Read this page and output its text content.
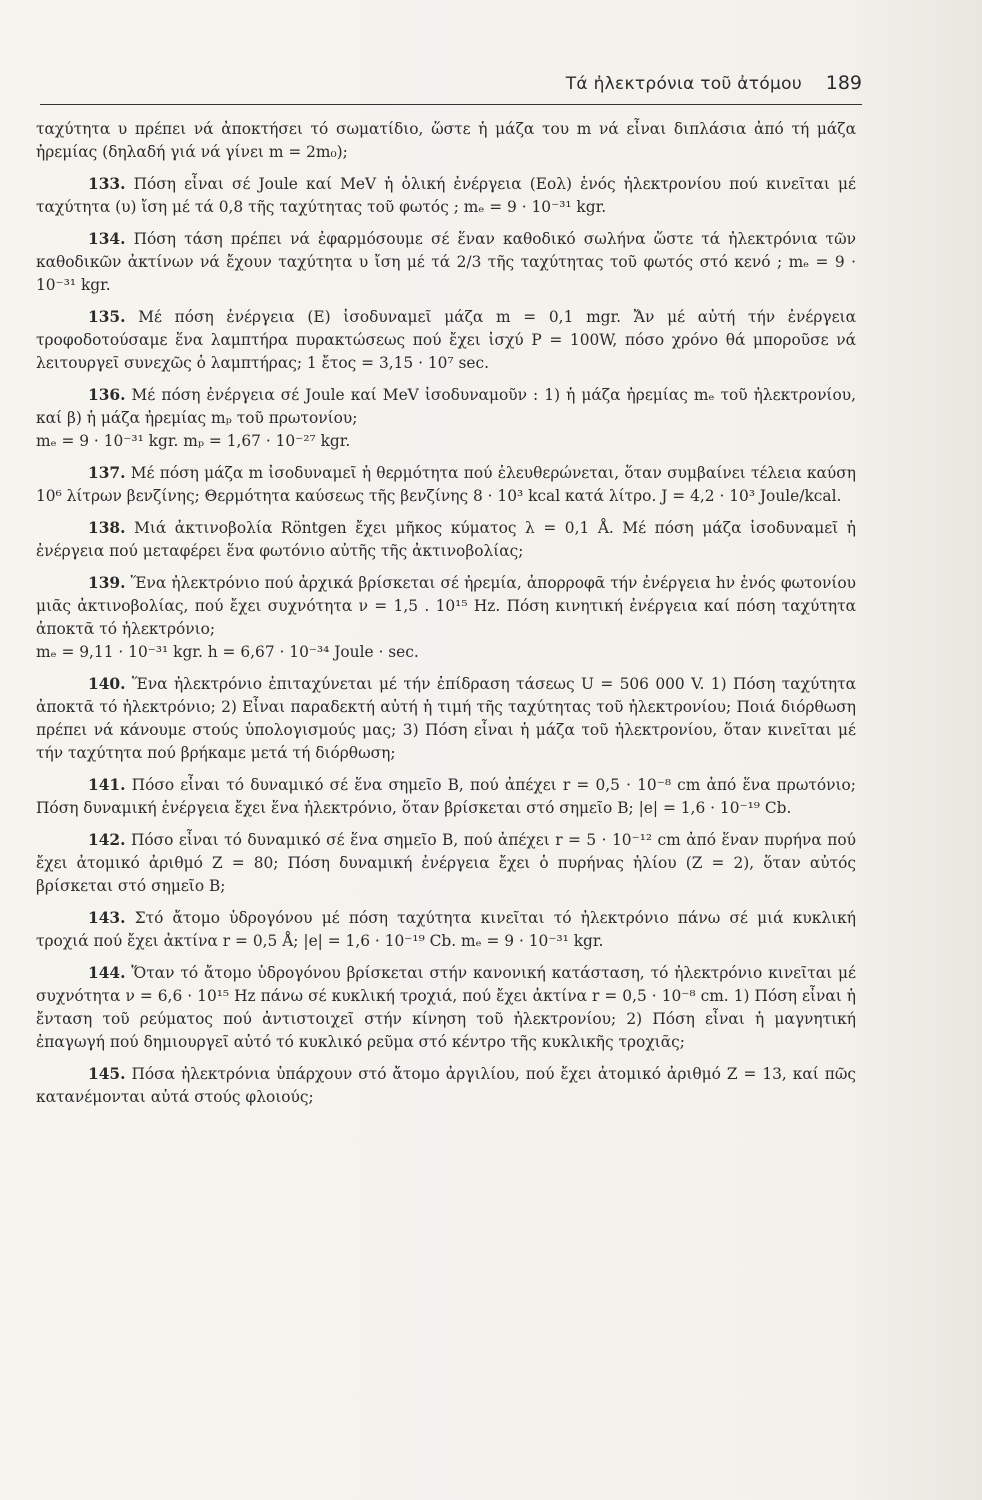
Τά ἠλεκτρόνια τοῦ ἀτόμου 189

ταχύτητα υ πρέπει νά ἀποκτήσει τό σωματίδιο, ὥστε ἡ μάζα του m νά εἶναι διπλάσια ἀπό τή μάζα ἠρεμίας (δηλαδή γιά νά γίνει m = 2m₀);

133. Πόση εἶναι σέ Joule καί MeV ἡ ὁλική ἐνέργεια (Eολ) ἑνός ἠλεκτρονίου πού κινεῖται μέ ταχύτητα (υ) ἴση μέ τά 0,8 τῆς ταχύτητας τοῦ φωτός ; mₑ = 9 · 10⁻³¹ kgr.

134. Πόση τάση πρέπει νά ἐφαρμόσουμε σέ ἕναν καθοδικό σωλήνα ὥστε τά ἠλεκτρόνια τῶν καθοδικῶν ἀκτίνων νά ἔχουν ταχύτητα υ ἴση μέ τά 2/3 τῆς ταχύτητας τοῦ φωτός στό κενό ; mₑ = 9 · 10⁻³¹ kgr.

135. Μέ πόση ἐνέργεια (E) ἰσοδυναμεῖ μάζα m = 0,1 mgr. Ἄν μέ αὐτή τήν ἐνέργεια τροφοδοτούσαμε ἕνα λαμπτήρα πυρακτώσεως πού ἔχει ἰσχύ P = 100W, πόσο χρόνο θά μποροῦσε νά λειτουργεῖ συνεχῶς ὁ λαμπτήρας; 1 ἔτος = 3,15 · 10⁷ sec.

136. Μέ πόση ἐνέργεια σέ Joule καί MeV ἰσοδυναμοῦν : 1) ἡ μάζα ἠρεμίας mₑ τοῦ ἠλεκτρονίου, καί β) ἡ μάζα ἠρεμίας mₚ τοῦ πρωτονίου;

mₑ = 9 · 10⁻³¹ kgr. mₚ = 1,67 · 10⁻²⁷ kgr.

137. Μέ πόση μάζα m ἰσοδυναμεῖ ἡ θερμότητα πού ἐλευθερώνεται, ὅταν συμβαίνει τέλεια καύση 10⁶ λίτρων βενζίνης; Θερμότητα καύσεως τῆς βενζίνης 8 · 10³ kcal κατά λίτρο. J = 4,2 · 10³ Joule/kcal.

138. Μιά ἀκτινοβολία Röntgen ἔχει μῆκος κύματος λ = 0,1 Å. Μέ πόση μάζα ἰσοδυναμεῖ ἡ ἐνέργεια πού μεταφέρει ἕνα φωτόνιο αὐτῆς τῆς ἀκτινοβολίας;

139. Ἕνα ἠλεκτρόνιο πού ἀρχικά βρίσκεται σέ ἠρεμία, ἀπορροφᾶ τήν ἐνέργεια hν ἑνός φωτονίου μιᾶς ἀκτινοβολίας, πού ἔχει συχνότητα ν = 1,5 . 10¹⁵ Hz. Πόση κινητική ἐνέργεια καί πόση ταχύτητα ἀποκτᾶ τό ἠλεκτρόνιο;

mₑ = 9,11 · 10⁻³¹ kgr. h = 6,67 · 10⁻³⁴ Joule · sec.

140. Ἕνα ἠλεκτρόνιο ἐπιταχύνεται μέ τήν ἐπίδραση τάσεως U = 506 000 V. 1) Πόση ταχύτητα ἀποκτᾶ τό ἠλεκτρόνιο; 2) Εἶναι παραδεκτή αὐτή ἡ τιμή τῆς ταχύτητας τοῦ ἠλεκτρονίου; Ποιά διόρθωση πρέπει νά κάνουμε στούς ὑπολογισμούς μας; 3) Πόση εἶναι ἡ μάζα τοῦ ἠλεκτρονίου, ὅταν κινεῖται μέ τήν ταχύτητα πού βρήκαμε μετά τή διόρθωση;

141. Πόσο εἶναι τό δυναμικό σέ ἕνα σημεῖο B, πού ἀπέχει r = 0,5 · 10⁻⁸ cm ἀπό ἕνα πρωτόνιο; Πόση δυναμική ἐνέργεια ἔχει ἕνα ἠλεκτρόνιο, ὅταν βρίσκεται στό σημεῖο B; |e| = 1,6 · 10⁻¹⁹ Cb.

142. Πόσο εἶναι τό δυναμικό σέ ἕνα σημεῖο B, πού ἀπέχει r = 5 · 10⁻¹² cm ἀπό ἕναν πυρήνα πού ἔχει ἀτομικό ἀριθμό Z = 80; Πόση δυναμική ἐνέργεια ἔχει ὁ πυρήνας ἡλίου (Z = 2), ὅταν αὐτός βρίσκεται στό σημεῖο B;

143. Στό ἄτομο ὑδρογόνου μέ πόση ταχύτητα κινεῖται τό ἠλεκτρόνιο πάνω σέ μιά κυκλική τροχιά πού ἔχει ἀκτίνα r = 0,5 Å; |e| = 1,6 · 10⁻¹⁹ Cb. mₑ = 9 · 10⁻³¹ kgr.

144. Ὅταν τό ἄτομο ὑδρογόνου βρίσκεται στήν κανονική κατάσταση, τό ἠλεκτρόνιο κινεῖται μέ συχνότητα ν = 6,6 · 10¹⁵ Hz πάνω σέ κυκλική τροχιά, πού ἔχει ἀκτίνα r = 0,5 · 10⁻⁸ cm. 1) Πόση εἶναι ἡ ἔνταση τοῦ ρεύματος πού ἀντιστοιχεῖ στήν κίνηση τοῦ ἠλεκτρονίου; 2) Πόση εἶναι ἡ μαγνητική ἐπαγωγή πού δημιουργεῖ αὐτό τό κυκλικό ρεῦμα στό κέντρο τῆς κυκλικῆς τροχιᾶς;

145. Πόσα ἠλεκτρόνια ὑπάρχουν στό ἄτομο ἀργιλίου, πού ἔχει ἀτομικό ἀριθμό Z = 13, καί πῶς κατανέμονται αὐτά στούς φλοιούς;
